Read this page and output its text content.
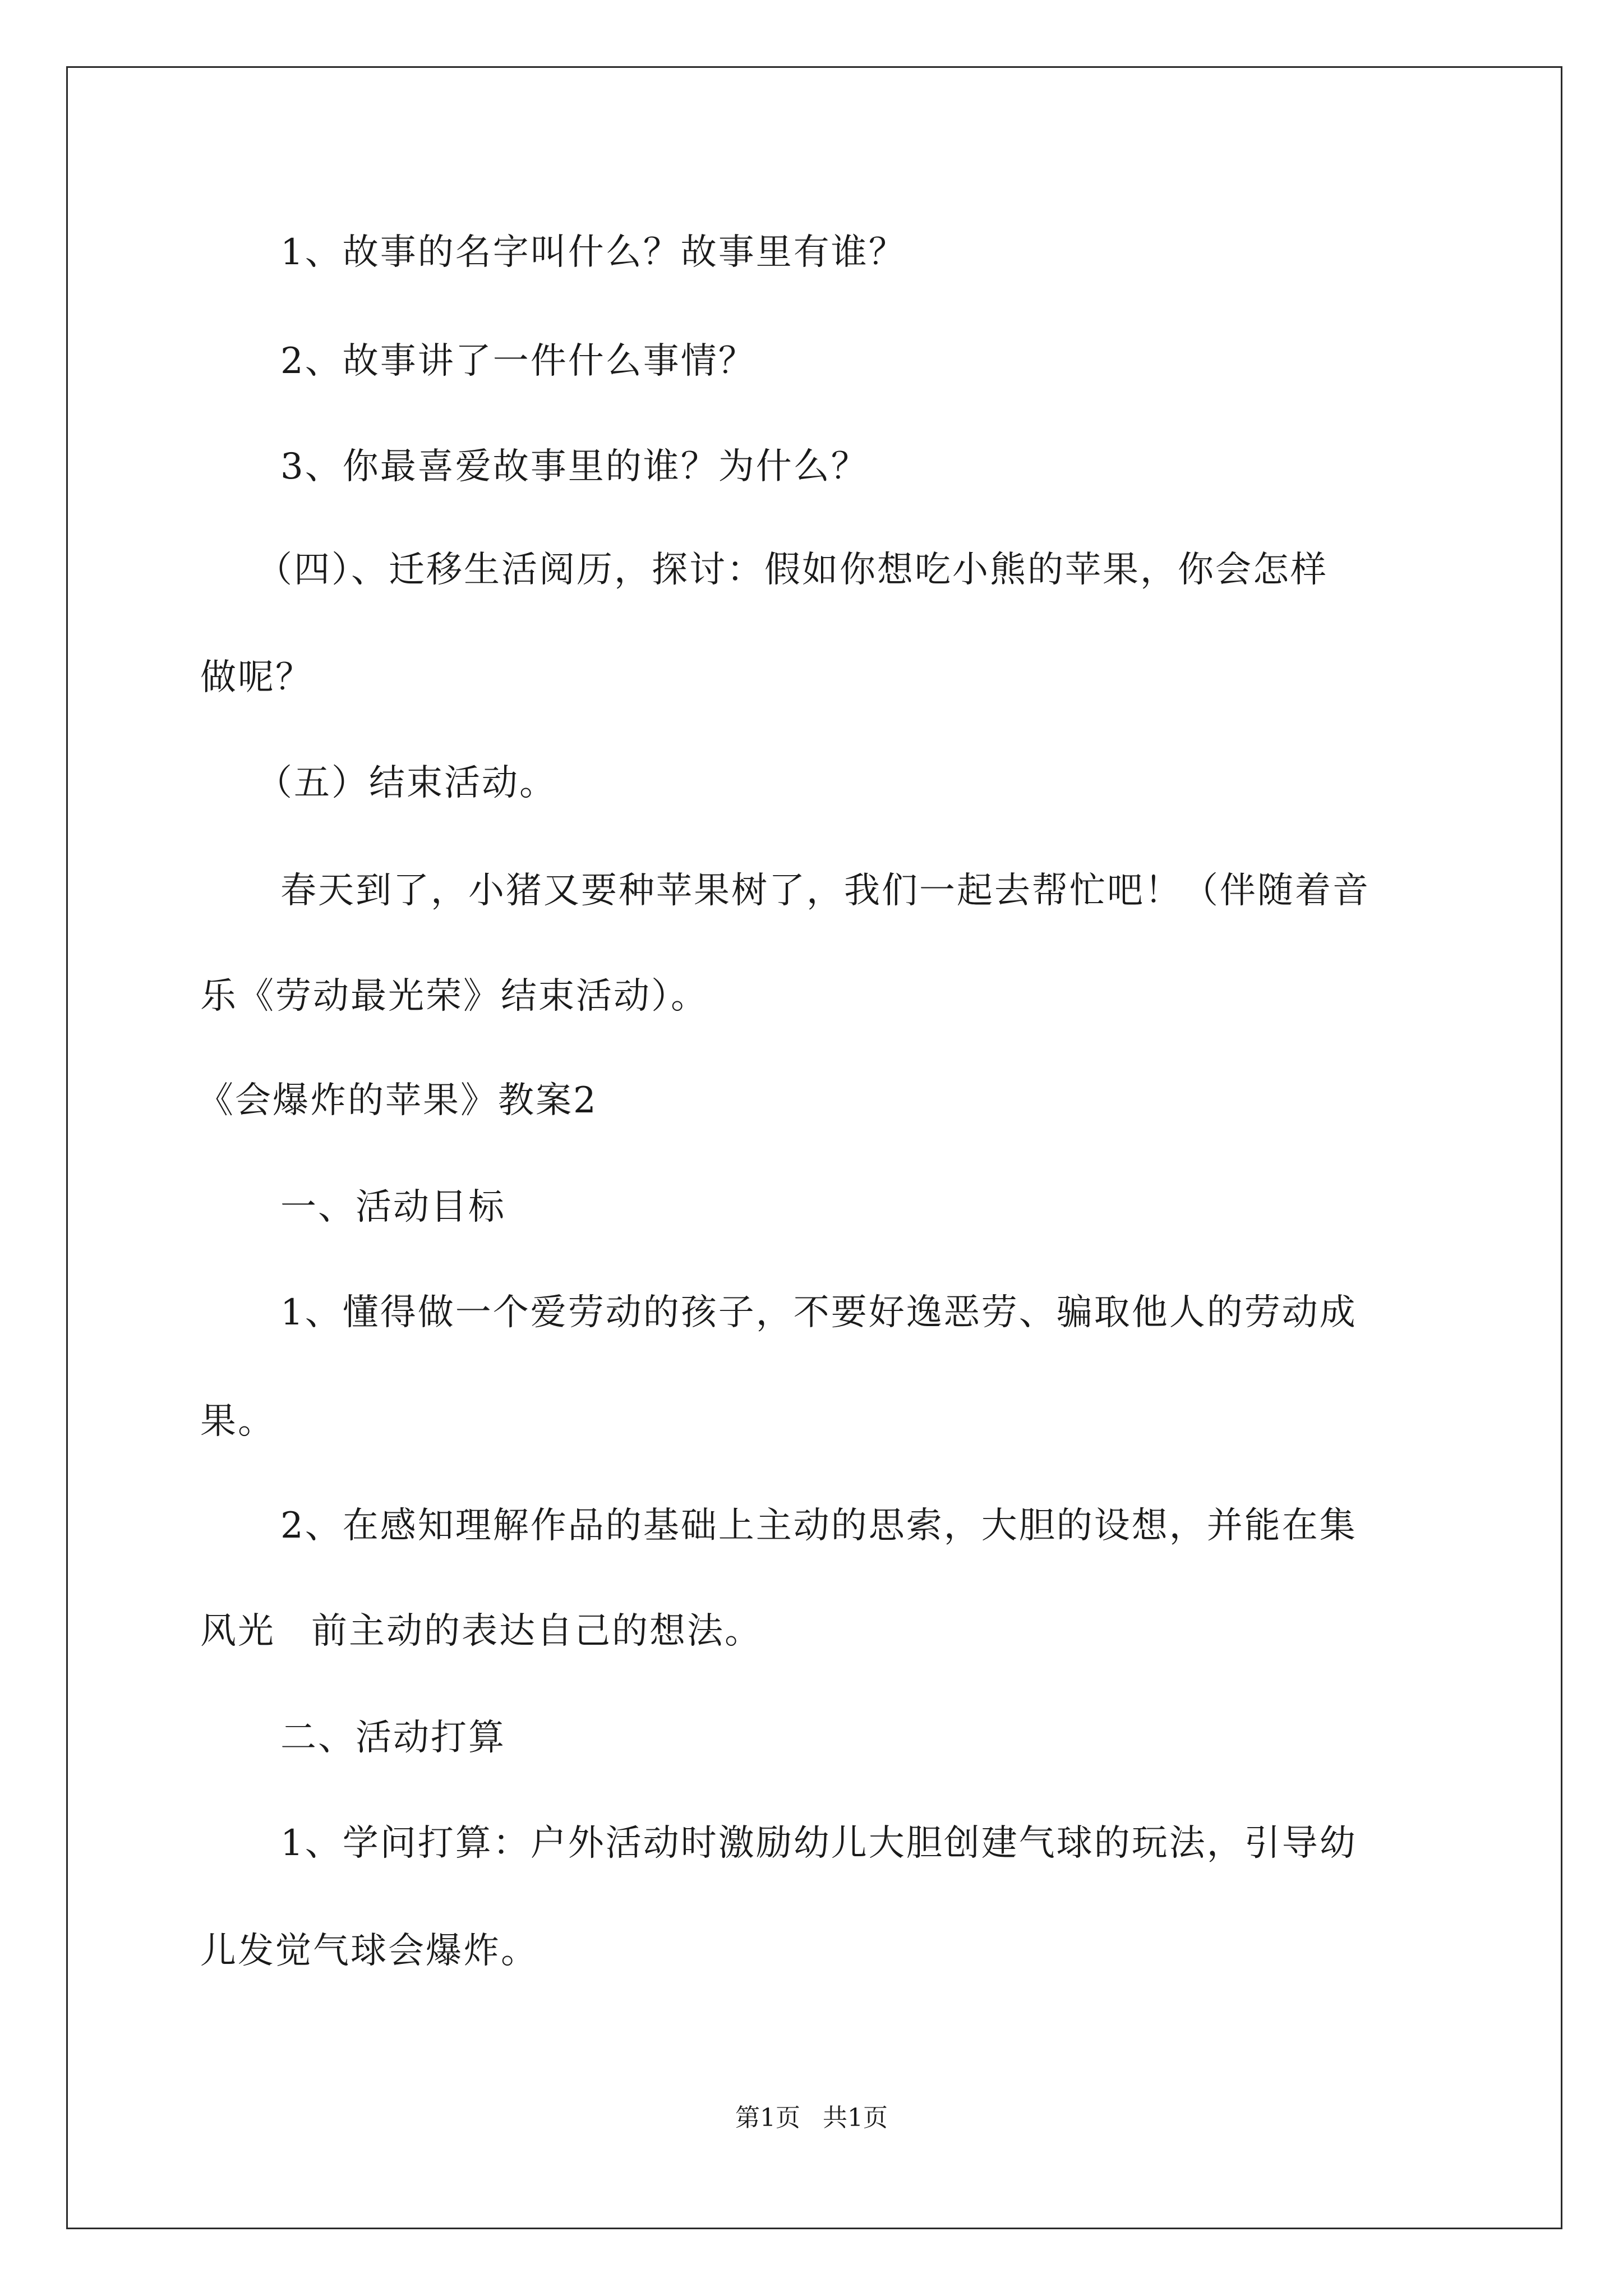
1、故事的名字叫什么？故事里有谁？
2、故事讲了一件什么事情？
3、你最喜爱故事里的谁？为什么？
（四）、迁移生活阅历，探讨：假如你想吃小熊的苹果，你会怎样
做呢？
（五）结束活动。
春天到了，小猪又要种苹果树了，我们一起去帮忙吧！（伴随着音
乐《劳动最光荣》结束活动）。
《会爆炸的苹果》教案2
一、活动目标
1、懂得做一个爱劳动的孩子，不要好逸恶劳、骗取他人的劳动成
果。
2、在感知理解作品的基础上主动的思索，大胆的设想，并能在集
风光 前主动的表达自己的想法。
二、活动打算
1、学问打算：户外活动时激励幼儿大胆创建气球的玩法，引导幼
儿发觉气球会爆炸。
第1页 共1页
